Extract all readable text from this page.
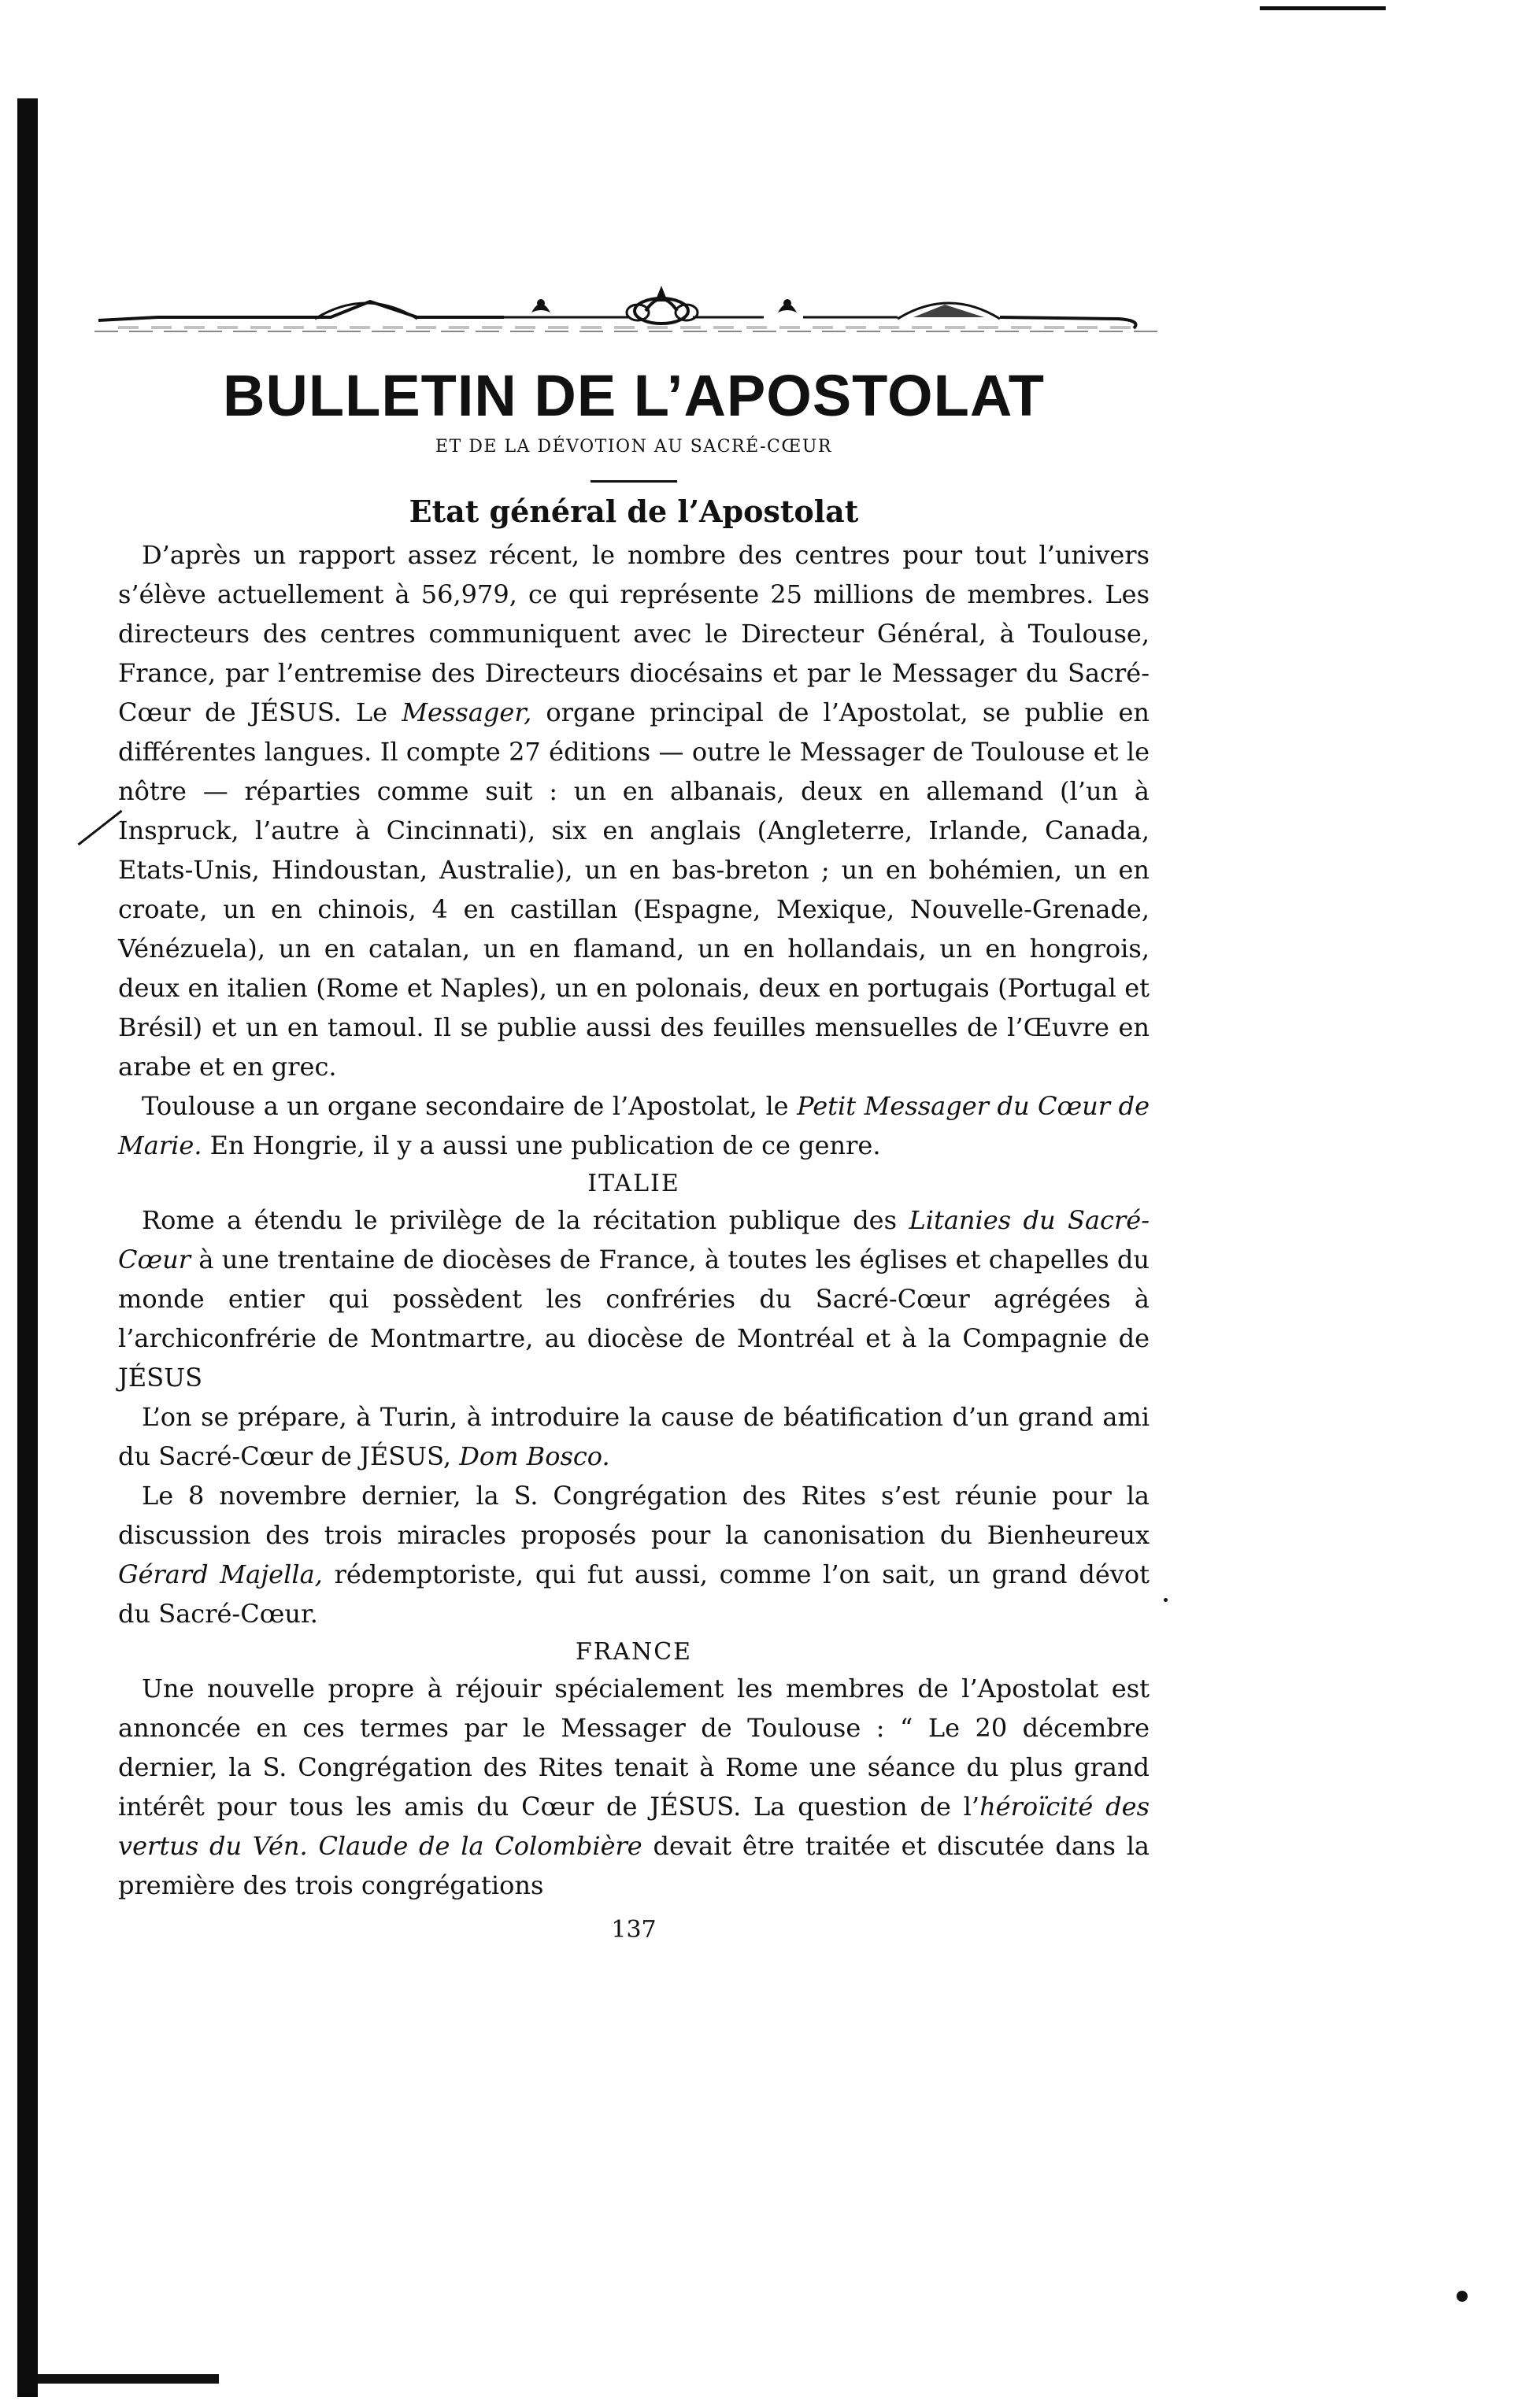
BULLETIN DE L’APOSTOLAT
ET DE LA DÉVOTION AU SACRÉ-CŒUR
Etat général de l’Apostolat

D’après un rapport assez récent, le nombre des centres pour tout l’univers s’élève actuellement à 56,979, ce qui représente 25 millions de membres. Les directeurs des centres communiquent avec le Directeur Général, à Toulouse, France, par l’entremise des Directeurs diocésains et par le Messager du Sacré-Cœur de JÉSUS. Le Messager, organe principal de l’Apostolat, se publie en différentes langues. Il compte 27 éditions — outre le Messager de Toulouse et le nôtre — réparties comme suit : un en albanais, deux en allemand (l’un à Inspruck, l’autre à Cincinnati), six en anglais (Angleterre, Irlande, Canada, Etats-Unis, Hindoustan, Australie), un en bas-breton ; un en bohémien, un en croate, un en chinois, 4 en castillan (Espagne, Mexique, Nouvelle-Grenade, Vénézuela), un en catalan, un en flamand, un en hollandais, un en hongrois, deux en italien (Rome et Naples), un en polonais, deux en portugais (Portugal et Brésil) et un en tamoul. Il se publie aussi des feuilles mensuelles de l’Œuvre en arabe et en grec.

Toulouse a un organe secondaire de l’Apostolat, le Petit Messager du Cœur de Marie. En Hongrie, il y a aussi une publication de ce genre.

ITALIE

Rome a étendu le privilège de la récitation publique des Litanies du Sacré-Cœur à une trentaine de diocèses de France, à toutes les églises et chapelles du monde entier qui possèdent les confréries du Sacré-Cœur agrégées à l’archiconfrérie de Montmartre, au diocèse de Montréal et à la Compagnie de JÉSUS

L’on se prépare, à Turin, à introduire la cause de béatification d’un grand ami du Sacré-Cœur de JÉSUS, Dom Bosco.

Le 8 novembre dernier, la S. Congrégation des Rites s’est réunie pour la discussion des trois miracles proposés pour la canonisation du Bienheureux Gérard Majella, rédemptoriste, qui fut aussi, comme l’on sait, un grand dévot du Sacré-Cœur.

FRANCE

Une nouvelle propre à réjouir spécialement les membres de l’Apostolat est annoncée en ces termes par le Messager de Toulouse : “ Le 20 décembre dernier, la S. Congrégation des Rites tenait à Rome une séance du plus grand intérêt pour tous les amis du Cœur de JÉSUS. La question de l’héroïcité des vertus du Vén. Claude de la Colombière devait être traitée et discutée dans la première des trois congrégations

137
